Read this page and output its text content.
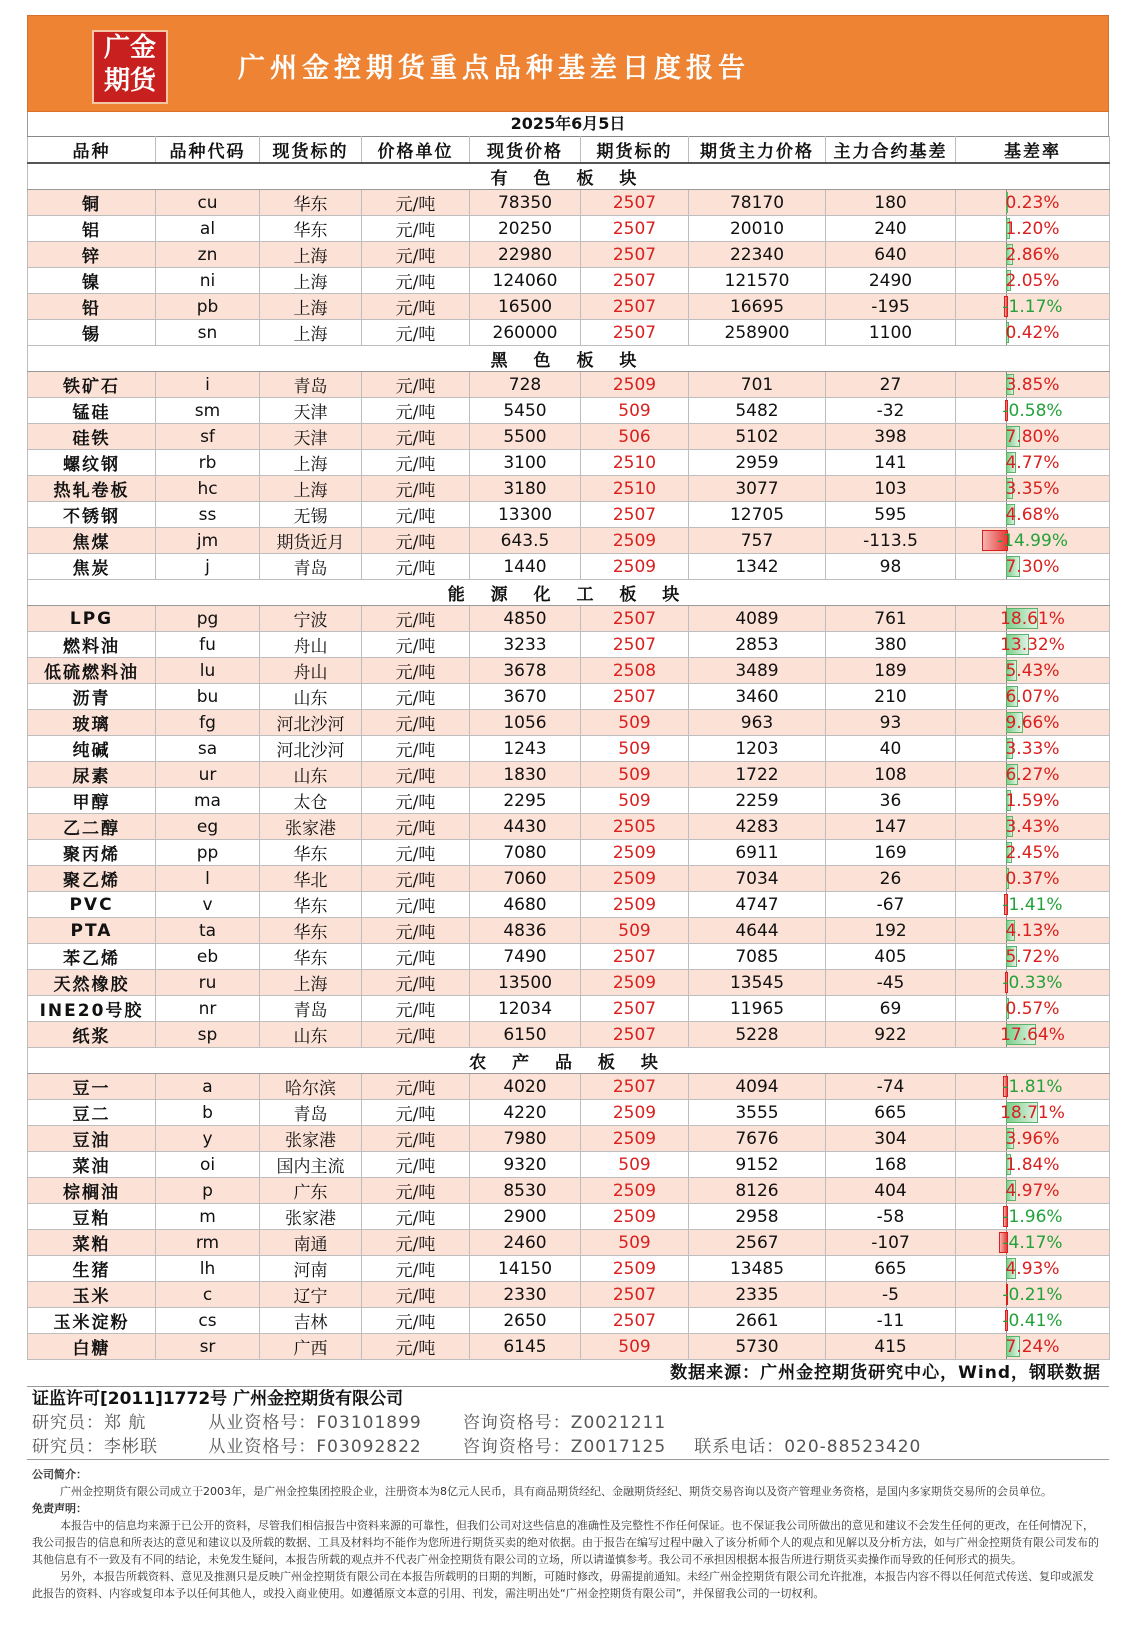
广金
期货	广州金控期货重点品种基差日度报告
2025年6月5日
品种	品种代码	现货标的	价格单位	现货价格	期货标的	期货主力价格	主力合约基差	基差率
有 色 板 块								
铜	cu	华东	元/吨	78350	2507	78170	180	0.23%
铝	al	华东	元/吨	20250	2507	20010	240	1.20%
锌	zn	上海	元/吨	22980	2507	22340	640	2.86%
镍	ni	上海	元/吨	124060	2507	121570	2490	2.05%
铅	pb	上海	元/吨	16500	2507	16695	-195	-1.17%
锡	sn	上海	元/吨	260000	2507	258900	1100	0.42%
黑 色 板 块								
铁矿石	i	青岛	元/吨	728	2509	701	27	3.85%
锰硅	sm	天津	元/吨	5450	509	5482	-32	-0.58%
硅铁	sf	天津	元/吨	5500	506	5102	398	7.80%
螺纹钢	rb	上海	元/吨	3100	2510	2959	141	4.77%
热轧卷板	hc	上海	元/吨	3180	2510	3077	103	3.35%
不锈钢	ss	无锡	元/吨	13300	2507	12705	595	4.68%
焦煤	jm	期货近月	元/吨	643.5	2509	757	-113.5	-14.99%
焦炭	j	青岛	元/吨	1440	2509	1342	98	7.30%
能 源 化 工 板 块								
LPG	pg	宁波	元/吨	4850	2507	4089	761	18.61%
燃料油	fu	舟山	元/吨	3233	2507	2853	380	13.32%
低硫燃料油	lu	舟山	元/吨	3678	2508	3489	189	5.43%
沥青	bu	山东	元/吨	3670	2507	3460	210	6.07%
玻璃	fg	河北沙河	元/吨	1056	509	963	93	9.66%
纯碱	sa	河北沙河	元/吨	1243	509	1203	40	3.33%
尿素	ur	山东	元/吨	1830	509	1722	108	6.27%
甲醇	ma	太仓	元/吨	2295	509	2259	36	1.59%
乙二醇	eg	张家港	元/吨	4430	2505	4283	147	3.43%
聚丙烯	pp	华东	元/吨	7080	2509	6911	169	2.45%
聚乙烯	l	华北	元/吨	7060	2509	7034	26	0.37%
PVC	v	华东	元/吨	4680	2509	4747	-67	-1.41%
PTA	ta	华东	元/吨	4836	509	4644	192	4.13%
苯乙烯	eb	华东	元/吨	7490	2507	7085	405	5.72%
天然橡胶	ru	上海	元/吨	13500	2509	13545	-45	-0.33%
INE20号胶	nr	青岛	元/吨	12034	2507	11965	69	0.57%
纸浆	sp	山东	元/吨	6150	2507	5228	922	17.64%
农 产 品 板 块								
豆一	a	哈尔滨	元/吨	4020	2507	4094	-74	-1.81%
豆二	b	青岛	元/吨	4220	2509	3555	665	18.71%
豆油	y	张家港	元/吨	7980	2509	7676	304	3.96%
菜油	oi	国内主流	元/吨	9320	509	9152	168	1.84%
棕榈油	p	广东	元/吨	8530	2509	8126	404	4.97%
豆粕	m	张家港	元/吨	2900	2509	2958	-58	-1.96%
菜粕	rm	南通	元/吨	2460	509	2567	-107	-4.17%
生猪	lh	河南	元/吨	14150	2509	13485	665	4.93%
玉米	c	辽宁	元/吨	2330	2507	2335	-5	-0.21%
玉米淀粉	cs	吉林	元/吨	2650	2507	2661	-11	-0.41%
白糖	sr	广西	元/吨	6145	509	5730	415	7.24%
数据来源：广州金控期货研究中心，Wind，钢联数据
证监许可[2011]1772号 广州金控期货有限公司
研究员：郑 航	从业资格号：F03101899 咨询资格号：Z0021211
研究员：李彬联	从业资格号：F03092822 咨询资格号：Z0017125 联系电话：020-88523420
公司简介：

广州金控期货有限公司成立于2003年，是广州金控集团控股企业，注册资本为8亿元人民币，具有商品期货经纪、金融期货经纪、期货交易咨询以及资产管理业务资格，是国内多家期货交易所的会员单位。

免责声明：

本报告中的信息均来源于已公开的资料，尽管我们相信报告中资料来源的可靠性，但我们公司对这些信息的准确性及完整性不作任何保证。也不保证我公司所做出的意见和建议不会发生任何的更改，在任何情况下，我公司报告的信息和所表达的意见和建议以及所载的数据、工具及材料均不能作为您所进行期货买卖的绝对依据。由于报告在编写过程中融入了该分析师个人的观点和见解以及分析方法，如与广州金控期货有限公司发布的其他信息有不一致及有不同的结论，未免发生疑问，本报告所载的观点并不代表广州金控期货有限公司的立场，所以请谨慎参考。我公司不承担因根据本报告所进行期货买卖操作而导致的任何形式的损失。

另外，本报告所载资料、意见及推测只是反映广州金控期货有限公司在本报告所载明的日期的判断，可随时修改，毋需提前通知。未经广州金控期货有限公司允许批准，本报告内容不得以任何范式传送、复印或派发此报告的资料、内容或复印本予以任何其他人，或投入商业使用。如遵循原文本意的引用、刊发，需注明出处“广州金控期货有限公司”，并保留我公司的一切权利。
